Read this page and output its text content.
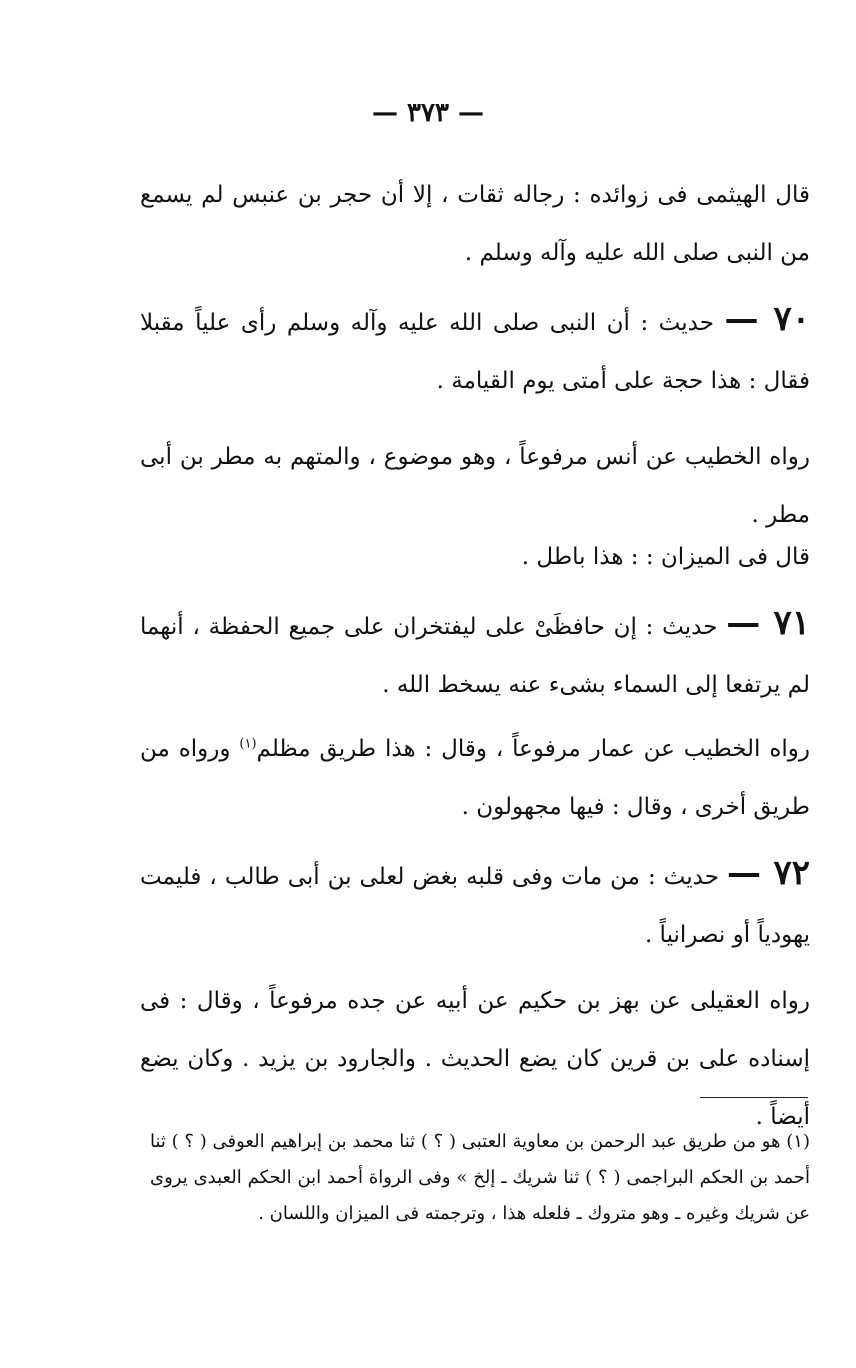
— ٣٧٣ —
قال الهيثمى فى زوائده : رجاله ثقات ، إلا أن حجر بن عنبس لم يسمع من النبى صلى الله عليه وآله وسلم .
٧٠ — حديث : أن النبى صلى الله عليه وآله وسلم رأى علياً مقبلا فقال : هذا حجة على أمتى يوم القيامة .
رواه الخطيب عن أنس مرفوعاً ، وهو موضوع ، والمتهم به مطر بن أبى مطر .
قال فى الميزان : : هذا باطل .
٧١ — حديث : إن حافظَىْ على ليفتخران على جميع الحفظة ، أنهما لم يرتفعا إلى السماء بشىء عنه يسخط الله .
رواه الخطيب عن عمار مرفوعاً ، وقال : هذا طريق مظلم$^{(١)}$ ورواه من طريق أخرى ، وقال : فيها مجهولون .
٧٢ — حديث : من مات وفى قلبه بغض لعلى بن أبى طالب ، فليمت يهودياً أو نصرانياً .
رواه العقيلى عن بهز بن حكيم عن أبيه عن جده مرفوعاً ، وقال : فى إسناده على بن قرين كان يضع الحديث . والجارود بن يزيد . وكان يضع أيضاً .
(١) هو من طريق عبد الرحمن بن معاوية العتبى ( ؟ ) ثنا محمد بن إبراهيم العوفى ( ؟ ) ثنا أحمد بن الحكم البراجمى ( ؟ ) ثنا شريك ـ إلخ » وفى الرواة أحمد ابن الحكم العبدى يروى عن شريك وغيره ـ وهو متروك ـ فلعله هذا ، وترجمته فى الميزان واللسان .
